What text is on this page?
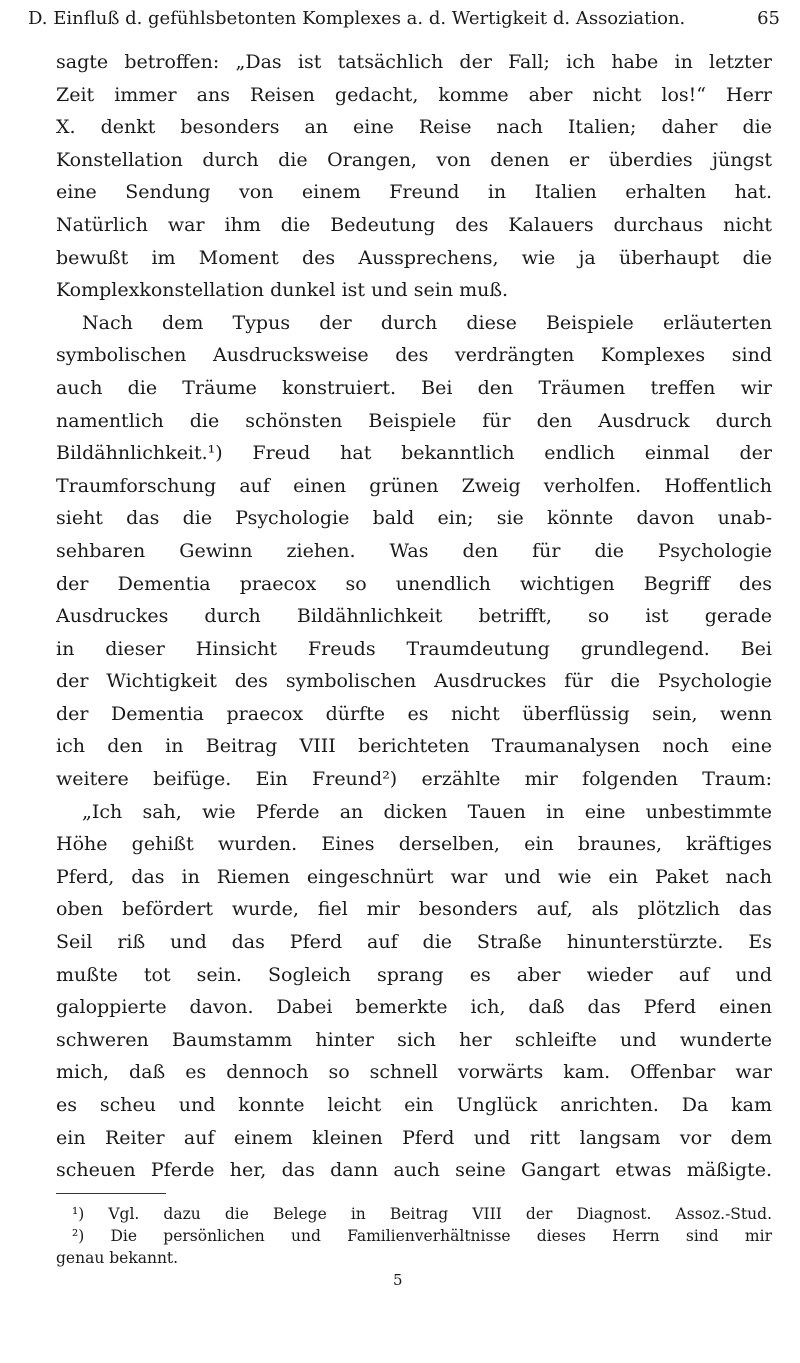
D. Einfluß d. gefühlsbetonten Komplexes a. d. Wertigkeit d. Assoziation.	65
sagte betroffen: „Das ist tatsächlich der Fall; ich habe in letzter
Zeit immer ans Reisen gedacht, komme aber nicht los!“ Herr
X. denkt besonders an eine Reise nach Italien; daher die
Konstellation durch die Orangen, von denen er überdies jüngst
eine Sendung von einem Freund in Italien erhalten hat.
Natürlich war ihm die Bedeutung des Kalauers durchaus nicht
bewußt im Moment des Aussprechens, wie ja überhaupt die
Komplexkonstellation dunkel ist und sein muß.
Nach dem Typus der durch diese Beispiele erläuterten
symbolischen Ausdrucksweise des verdrängten Komplexes sind
auch die Träume konstruiert. Bei den Träumen treffen wir
namentlich die schönsten Beispiele für den Ausdruck durch
Bildähnlichkeit.¹) Freud hat bekanntlich endlich einmal der
Traumforschung auf einen grünen Zweig verholfen. Hoffentlich
sieht das die Psychologie bald ein; sie könnte davon unab-
sehbaren Gewinn ziehen. Was den für die Psychologie
der Dementia praecox so unendlich wichtigen Begriff des
Ausdruckes durch Bildähnlichkeit betrifft, so ist gerade
in dieser Hinsicht Freuds Traumdeutung grundlegend. Bei
der Wichtigkeit des symbolischen Ausdruckes für die Psychologie
der Dementia praecox dürfte es nicht überflüssig sein, wenn
ich den in Beitrag VIII berichteten Traumanalysen noch eine
weitere beifüge. Ein Freund²) erzählte mir folgenden Traum:
„Ich sah, wie Pferde an dicken Tauen in eine unbestimmte
Höhe gehißt wurden. Eines derselben, ein braunes, kräftiges
Pferd, das in Riemen eingeschnürt war und wie ein Paket nach
oben befördert wurde, fiel mir besonders auf, als plötzlich das
Seil riß und das Pferd auf die Straße hinunterstürzte. Es
mußte tot sein. Sogleich sprang es aber wieder auf und
galoppierte davon. Dabei bemerkte ich, daß das Pferd einen
schweren Baumstamm hinter sich her schleifte und wunderte
mich, daß es dennoch so schnell vorwärts kam. Offenbar war
es scheu und konnte leicht ein Unglück anrichten. Da kam
ein Reiter auf einem kleinen Pferd und ritt langsam vor dem
scheuen Pferde her, das dann auch seine Gangart etwas mäßigte.
¹) Vgl. dazu die Belege in Beitrag VIII der Diagnost. Assoz.-Stud.
²) Die persönlichen und Familienverhältnisse dieses Herrn sind mir
genau bekannt.
5
